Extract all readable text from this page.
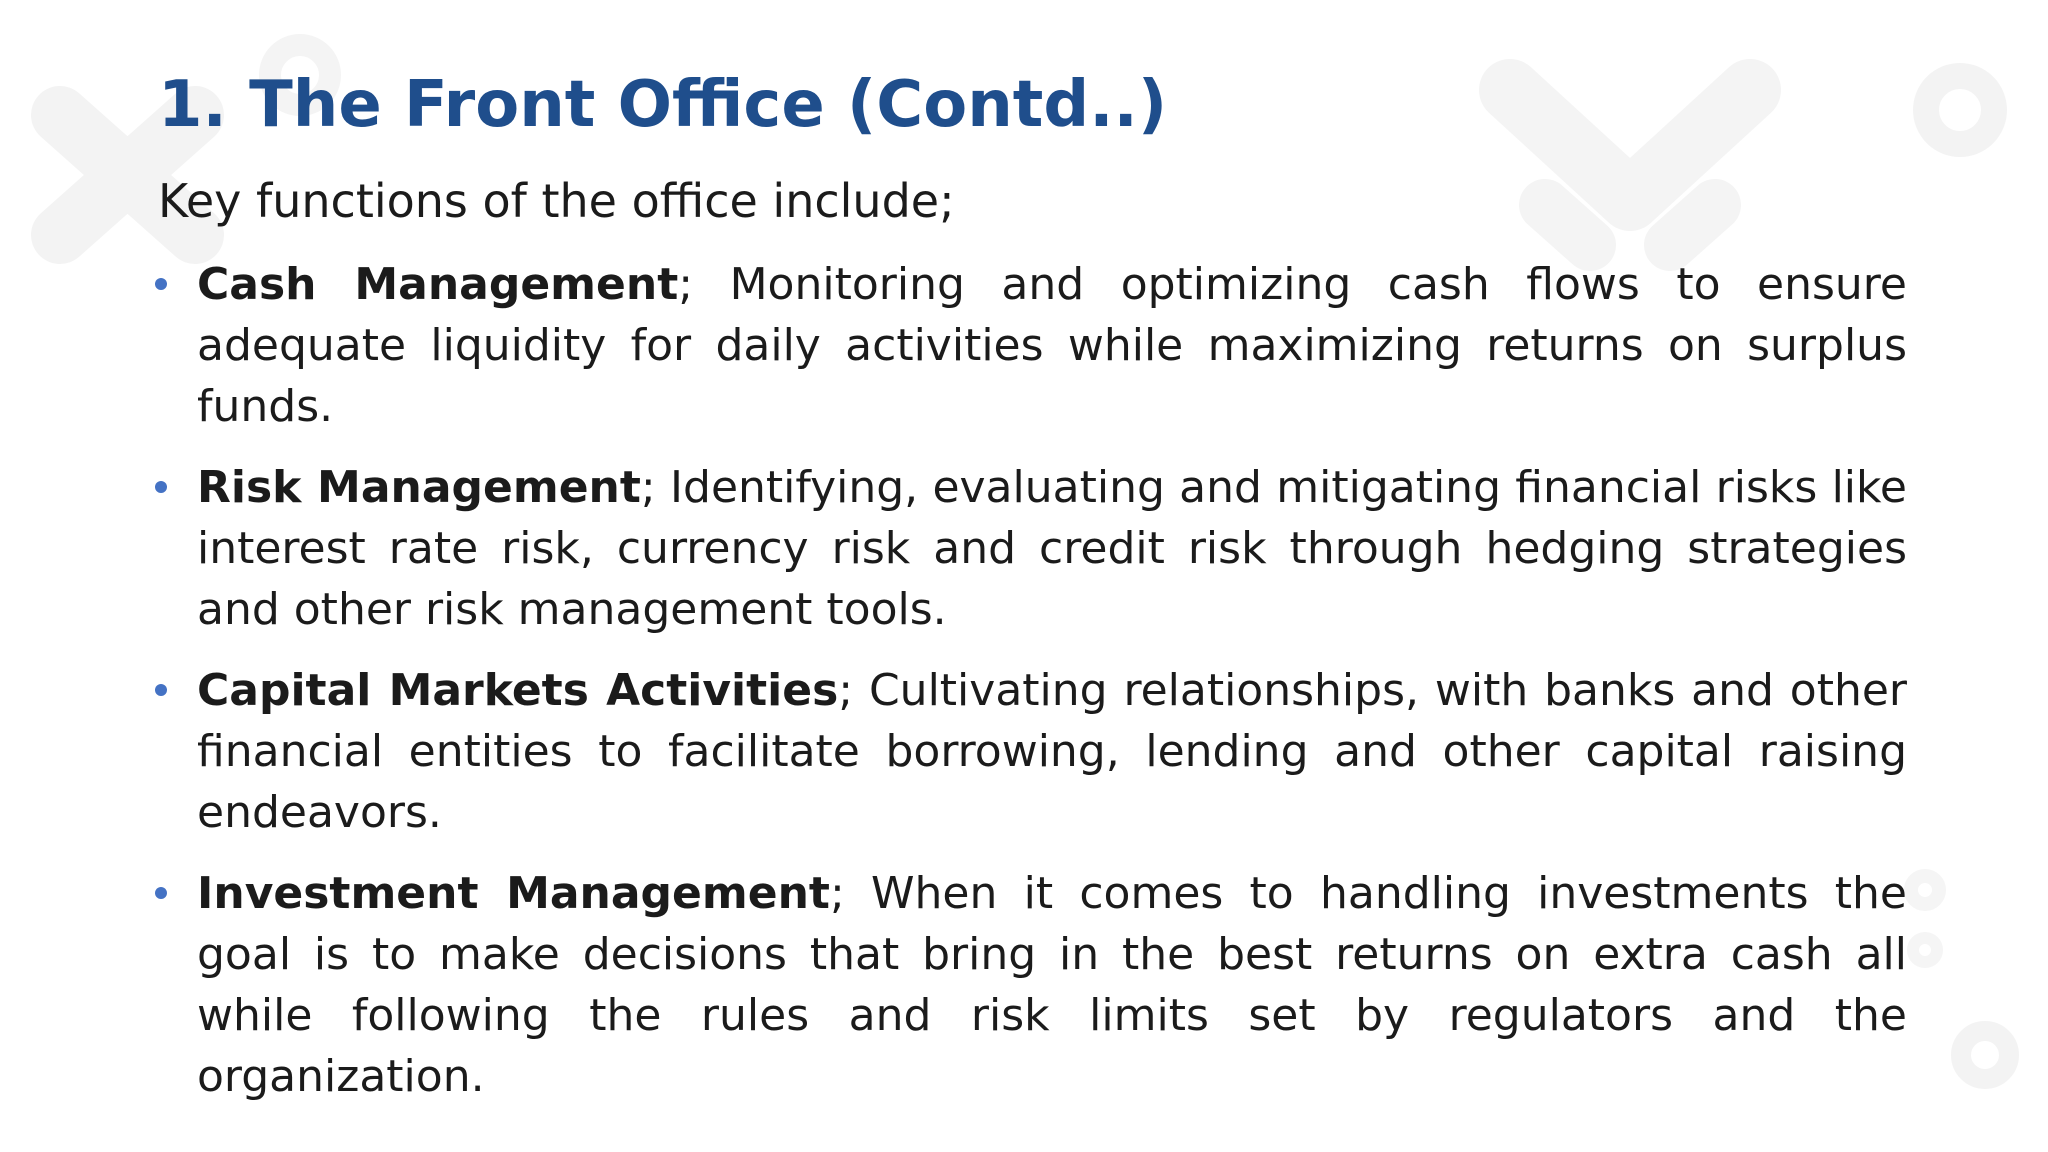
1. The Front Office (Contd..)

Key functions of the office include;

Cash Management; Monitoring and optimizing cash flows to ensure adequate liquidity for daily activities while maximizing returns on surplus funds.
Risk Management; Identifying, evaluating and mitigating financial risks like interest rate risk, currency risk and credit risk through hedging strategies and other risk management tools.
Capital Markets Activities; Cultivating relationships, with banks and other financial entities to facilitate borrowing, lending and other capital raising endeavors.
Investment Management; When it comes to handling investments the goal is to make decisions that bring in the best returns on extra cash all while following the rules and risk limits set by regulators and the organization.
